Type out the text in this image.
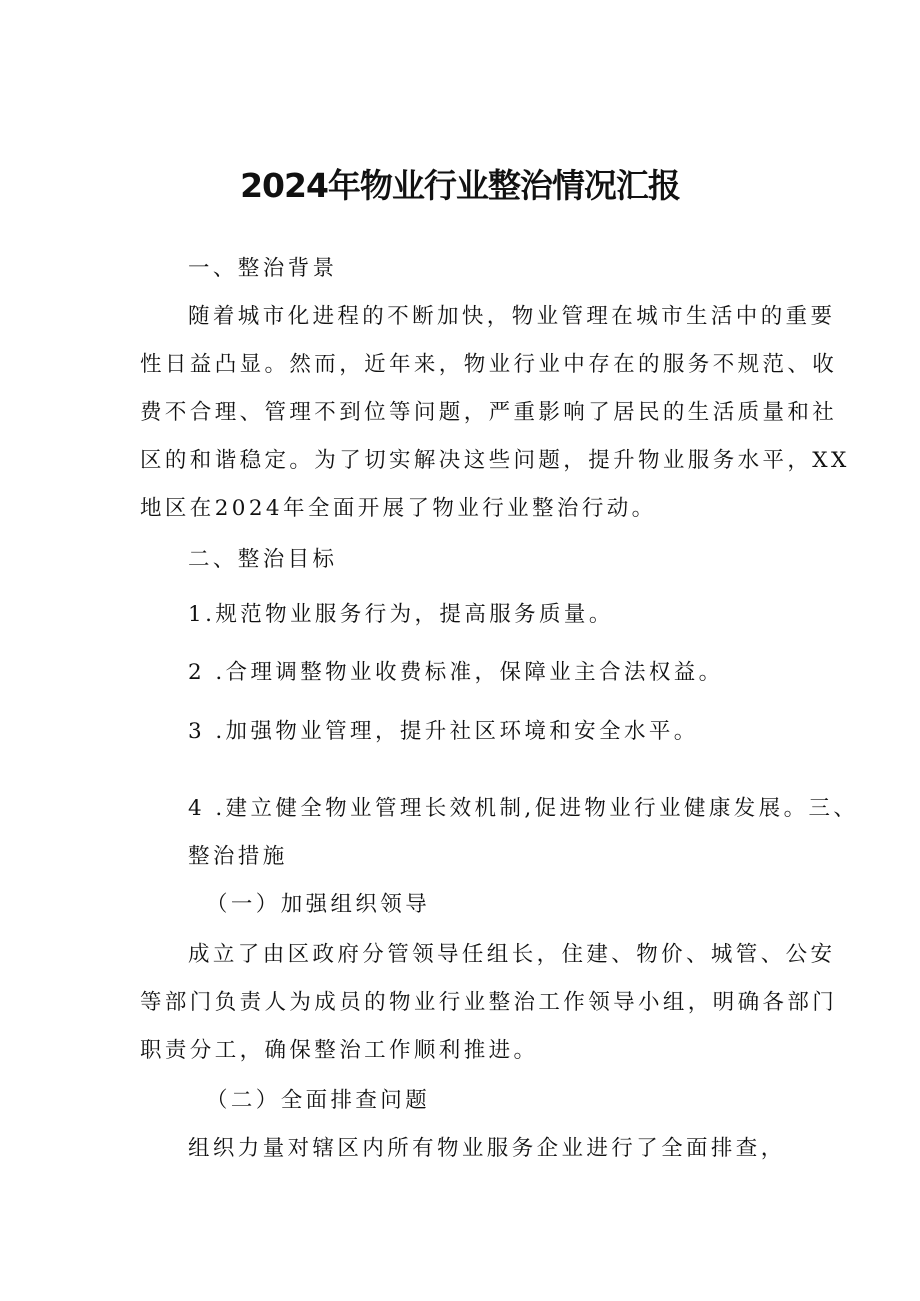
2024年物业行业整治情况汇报

一、整治背景

随着城市化进程的不断加快，物业管理在城市生活中的重要

性日益凸显。然而，近年来，物业行业中存在的服务不规范、收

费不合理、管理不到位等问题，严重影响了居民的生活质量和社

区的和谐稳定。为了切实解决这些问题，提升物业服务水平，XX

地区在2024年全面开展了物业行业整治行动。

二、整治目标

1.规范物业服务行为，提高服务质量。

2 .合理调整物业收费标准，保障业主合法权益。

3 .加强物业管理，提升社区环境和安全水平。

4 .建立健全物业管理长效机制,促进物业行业健康发展。三、

整治措施

（一）加强组织领导

成立了由区政府分管领导任组长，住建、物价、城管、公安

等部门负责人为成员的物业行业整治工作领导小组，明确各部门

职责分工，确保整治工作顺利推进。

（二）全面排查问题

组织力量对辖区内所有物业服务企业进行了全面排查，
